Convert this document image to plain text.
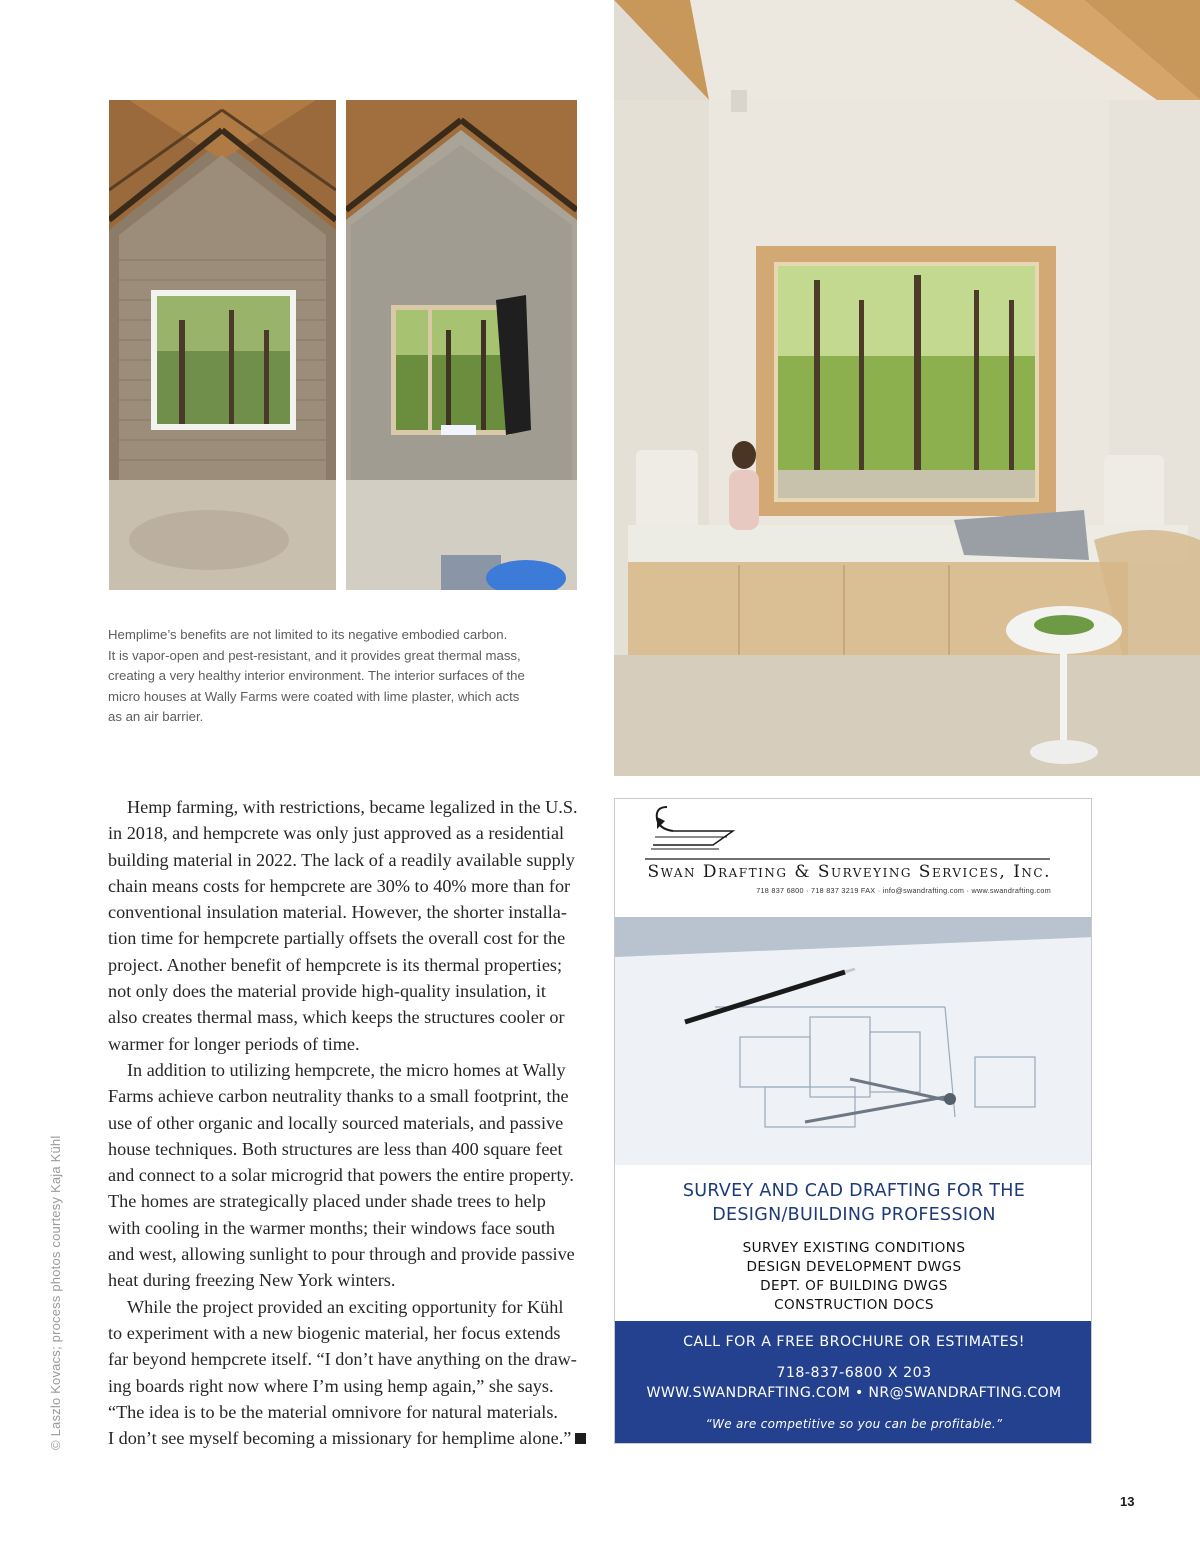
Hemplime’s benefits are not limited to its negative embodied carbon.
It is vapor-open and pest-resistant, and it provides great thermal mass,
creating a very healthy interior environment. The interior surfaces of the
micro houses at Wally Farms were coated with lime plaster, which acts
as an air barrier.
© Laszlo Kovacs; process photos courtesy Kaja Kühl
Hemp farming, with restrictions, became legalized in the U.S.
in 2018, and hempcrete was only just approved as a residential
building material in 2022. The lack of a readily available supply
chain means costs for hempcrete are 30% to 40% more than for
conventional insulation material. However, the shorter installa-
tion time for hempcrete partially offsets the overall cost for the
project. Another benefit of hempcrete is its thermal properties;
not only does the material provide high-quality insulation, it
also creates thermal mass, which keeps the structures cooler or
warmer for longer periods of time.
In addition to utilizing hempcrete, the micro homes at Wally
Farms achieve carbon neutrality thanks to a small footprint, the
use of other organic and locally sourced materials, and passive
house techniques. Both structures are less than 400 square feet
and connect to a solar microgrid that powers the entire property.
The homes are strategically placed under shade trees to help
with cooling in the warmer months; their windows face south
and west, allowing sunlight to pour through and provide passive
heat during freezing New York winters.
While the project provided an exciting opportunity for Kühl
to experiment with a new biogenic material, her focus extends
far beyond hempcrete itself. “I don’t have anything on the draw-
ing boards right now where I’m using hemp again,” she says.
“The idea is to be the material omnivore for natural materials.
I don’t see myself becoming a missionary for hemplime alone.”
SURVEY AND CAD DRAFTING FOR THE
DESIGN/BUILDING PROFESSION
SURVEY EXISTING CONDITIONS
DESIGN DEVELOPMENT DWGS
DEPT. OF BUILDING DWGS
CONSTRUCTION DOCS
CALL FOR A FREE BROCHURE OR ESTIMATES!
718-837-6800 X 203
WWW.SWANDRAFTING.COM • NR@SWANDRAFTING.COM
“We are competitive so you can be profitable.”
Swan Drafting & Surveying Services, Inc.
718 837 6800 · 718 837 3219 FAX · info@swandrafting.com · www.swandrafting.com
13
